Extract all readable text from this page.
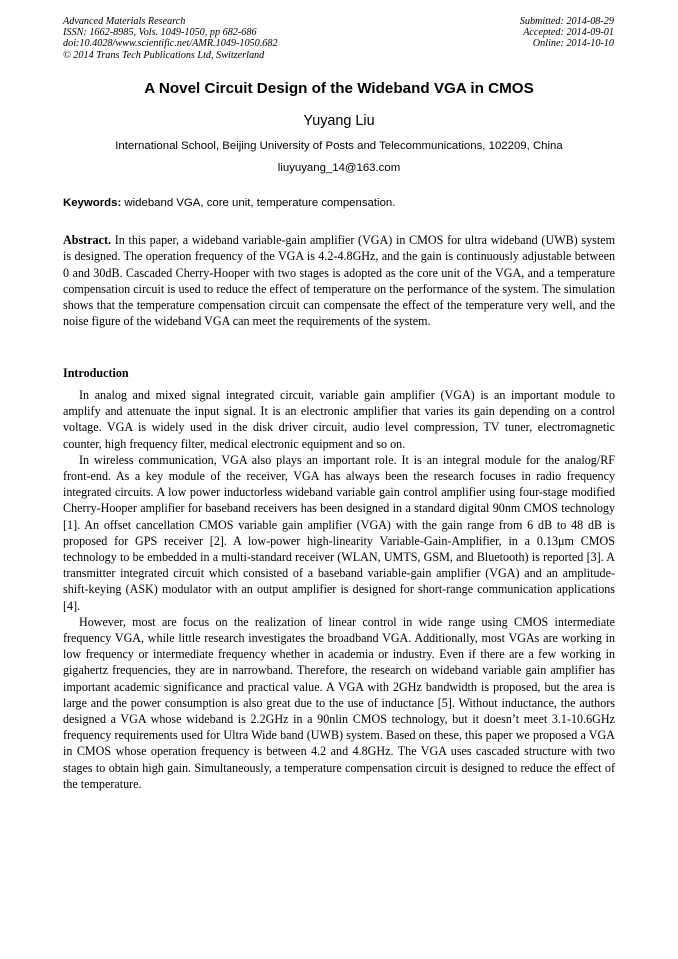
Advanced Materials Research
ISSN: 1662-8985, Vols. 1049-1050, pp 682-686
doi:10.4028/www.scientific.net/AMR.1049-1050.682
© 2014 Trans Tech Publications Ltd, Switzerland
Submitted: 2014-08-29
Accepted: 2014-09-01
Online: 2014-10-10
A Novel Circuit Design of the Wideband VGA in CMOS
Yuyang Liu
International School, Beijing University of Posts and Telecommunications, 102209, China
liuyuyang_14@163.com
Keywords: wideband VGA, core unit, temperature compensation.
Abstract. In this paper, a wideband variable-gain amplifier (VGA) in CMOS for ultra wideband (UWB) system is designed. The operation frequency of the VGA is 4.2-4.8GHz, and the gain is continuously adjustable between 0 and 30dB. Cascaded Cherry-Hooper with two stages is adopted as the core unit of the VGA, and a temperature compensation circuit is used to reduce the effect of temperature on the performance of the system. The simulation shows that the temperature compensation circuit can compensate the effect of the temperature very well, and the noise figure of the wideband VGA can meet the requirements of the system.
Introduction

In analog and mixed signal integrated circuit, variable gain amplifier (VGA) is an important module to amplify and attenuate the input signal. It is an electronic amplifier that varies its gain depending on a control voltage. VGA is widely used in the disk driver circuit, audio level compression, TV tuner, electromagnetic counter, high frequency filter, medical electronic equipment and so on.

In wireless communication, VGA also plays an important role. It is an integral module for the analog/RF front-end. As a key module of the receiver, VGA has always been the research focuses in radio frequency integrated circuits. A low power inductorless wideband variable gain control amplifier using four-stage modified Cherry-Hooper amplifier for baseband receivers has been designed in a standard digital 90nm CMOS technology [1]. An offset cancellation CMOS variable gain amplifier (VGA) with the gain range from 6 dB to 48 dB is proposed for GPS receiver [2]. A low-power high-linearity Variable-Gain-Amplifier, in a 0.13μm CMOS technology to be embedded in a multi-standard receiver (WLAN, UMTS, GSM, and Bluetooth) is reported [3]. A transmitter integrated circuit which consisted of a baseband variable-gain amplifier (VGA) and an amplitude-shift-keying (ASK) modulator with an output amplifier is designed for short-range communication applications [4].

However, most are focus on the realization of linear control in wide range using CMOS intermediate frequency VGA, while little research investigates the broadband VGA. Additionally, most VGAs are working in low frequency or intermediate frequency whether in academia or industry. Even if there are a few working in gigahertz frequencies, they are in narrowband. Therefore, the research on wideband variable gain amplifier has important academic significance and practical value. A VGA with 2GHz bandwidth is proposed, but the area is large and the power consumption is also great due to the use of inductance [5]. Without inductance, the authors designed a VGA whose wideband is 2.2GHz in a 90nlin CMOS technology, but it doesn’t meet 3.1-10.6GHz frequency requirements used for Ultra Wide band (UWB) system. Based on these, this paper we proposed a VGA in CMOS whose operation frequency is between 4.2 and 4.8GHz. The VGA uses cascaded structure with two stages to obtain high gain. Simultaneously, a temperature compensation circuit is designed to reduce the effect of the temperature.
